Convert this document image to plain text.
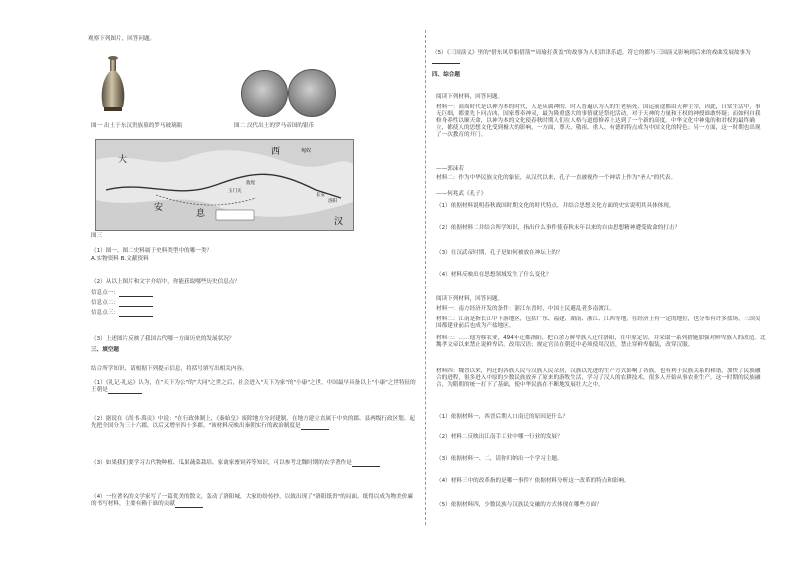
观察下列图片，回答问题。
图一 出土于东汉贵族墓的罗马玻璃瓶	图二 汉代出土的罗马帝国的银币
大
西
汉
安
息
敦煌
玉门关
长安
洛阳
匈奴
图三
（1）图一、图二史料属于史料类型中的哪一类？
A.实物资料 B.文献资料
（2）从以上图片和文字介绍中，你能获取哪些历史信息点？
信息点一：
信息点二：
信息点三：
（3）上述图片反映了我国古代哪一方面历史的发展状况？
三、填空题
结合所学知识，请根据下列提示信息，将括号填写出相关内容。
（1）《礼记·礼运》认为，在"天下为公"的"大同"之世之后，社会进入"天下为家"的"小康"之世。中国最早具备以上"小康"之世特征的王朝是
（2）据说在《尚书·禹贡》中说："在行政体制上，《秦始皇》废除地方分封建制，在地方建立直属于中央的郡、县两级行政区划。起先把全国分为三十六郡，以后又增至四十多郡。"该材料反映出秦朝实行的政治制度是
（3）如果我们要学习古代物种植、瓜果蔬菜栽培、家禽家畜饲养等知识，可以参考北魏时期的农学著作是
（4）一位著名的文学家写了一篇优美的散文，轰动了洛阳城，大家纷纷传抄，以致出现了"洛阳纸贵"的局面。纸得以成为物美价廉的书写材料，主要有赖于谁的贡献
（5）《三国演义》里的"借东风草船借箭""周瑜打黄盖"的故事为人们津津乐道，符它的都与三国演义影响到后来的戏曲发展故事为
四、综合题
阅读下列材料，回答问题。
材料一：商周时代是以神为本的时代，人是从属神的。时人普遍认为人的生老病死、国运前途都由天神主宰，因此，日常生活中，事无巨细，都要先卜问吉凶，国家尊奉神灵，最为隆重盛大的事情就是祭祀活动。对于天神的力量和王权的神授谁敢怀疑；而如何自我修身养性以顺天命，以神为本的文化使春秋时期人们在人格与道德修养上达到了一个新的高度。中华文化中神鬼的和君权的最终确立，都使人的思想文化受到极大的影响，一方面，尊天、敬祖、重人、有德的特点成为中国文化的特色；另一方面，这一时期也出现了一次教育的开门。
——郭沫若
材料二：作为中华民族文化的象征，从汉代以来，孔子一直被视作一个神话上作为"圣人"的代表。
——何兆武《孔子》
（1）依据材料说明春秋战国时期文化的时代特点，并结合思想文化方面的史实说明其具体体现。
（2）依据材料二并结合所学知识，指出什么事件使春秋末年以来的自由思想精神遭受致命的打击？
（3）在汉武帝时期，孔子是如何被放在神坛上的？
（4）材料反映出在思想领域发生了什么变化？
阅读下列材料，回答问题。
材料一：南方经济开发的条件：浙江东晋时，中国土民避乱者多南渡江。
材料二：江南是指长江中下游地区，包括广东、福建、湖南、浙江、江西等地，在经济上有一定的地位，也分布有许多盐场，三国吴国都建业前后也成为产盐地区。
材料三：……他为移农业，494年迁都洛阳，把百余万鲜卑族人迁往洛阳，在中原定居，并采取一系列措施加强对鲜卑族人的改造。北魏孝文帝以来禁止说鲜卑话，改用汉语；规定官员在朝廷中必须使用汉语，禁止穿鲜卑服装，改穿汉服。
材料四：魏晋以来，内迁的各族人民与汉族人民杂居，汉族以先进的生产方式影响了各族，也有利于民族关系的和谐，加快了民族融合的进程，很多进入中原的少数民族放弃了原来的游牧生活，学习了汉人的农耕技术，很多人开始从事农业生产。这一时期的民族融合，为隋朝的统一打下了基础，使中华民族在不断地发展壮大之中。
（1）依据材料一，西晋后期人口南迁的原因是什么？
（2）材料二反映出江南手工业中哪一行业的发展？
（3）依据材料一、二，请你归纳出一个学习主题。
（4）材料三中的改革指的是哪一事件？依据材料分析这一改革的特点和影响。
（5）依据材料四，少数民族与汉族民交融的方式体现在哪些方面？
